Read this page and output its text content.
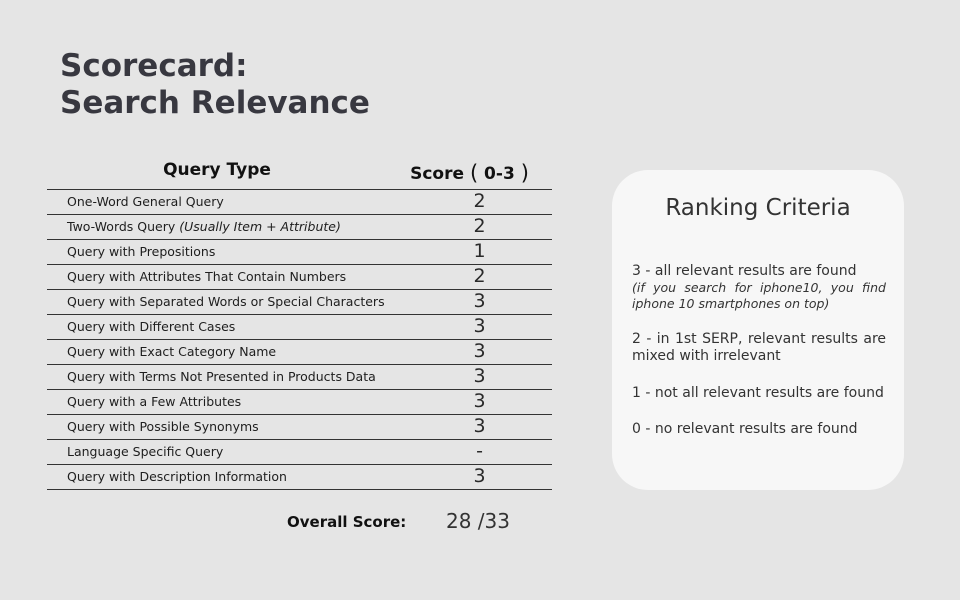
Scorecard:
Search Relevance
Query Type	Score ( 0-3 )
One-Word General Query	2
Two-Words Query (Usually Item + Attribute)	2
Query with Prepositions	1
Query with Attributes That Contain Numbers	2
Query with Separated Words or Special Characters	3
Query with Different Cases	3
Query with Exact Category Name	3
Query with Terms Not Presented in Products Data	3
Query with a Few Attributes	3
Query with Possible Synonyms	3
Language Specific Query	-
Query with Description Information	3
Overall Score: 28 /33
Ranking Criteria
3 - all relevant results are found
(if you search for iphone10, you find iphone 10 smartphones on top)
2 - in 1st SERP, relevant results are mixed with irrelevant
1 - not all relevant results are found
0 - no relevant results are found
